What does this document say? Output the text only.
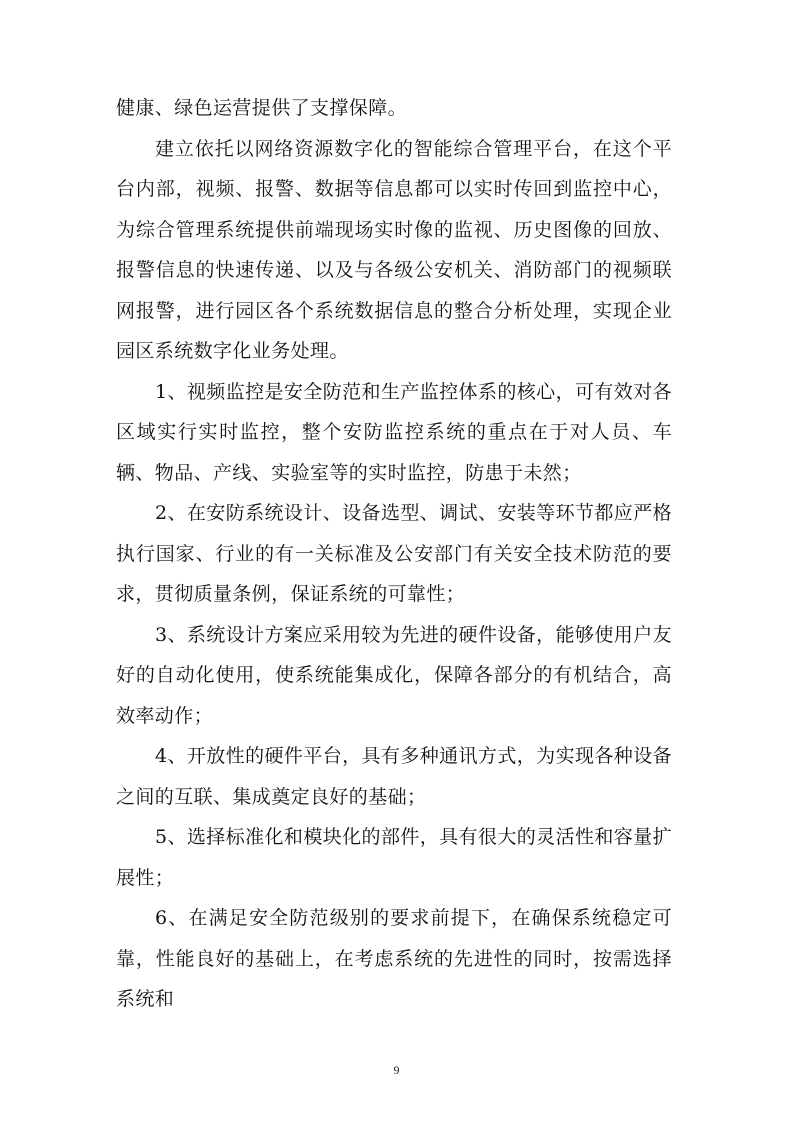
健康、绿色运营提供了支撑保障。

建立依托以网络资源数字化的智能综合管理平台，在这个平台内部，视频、报警、数据等信息都可以实时传回到监控中心，为综合管理系统提供前端现场实时像的监视、历史图像的回放、报警信息的快速传递、以及与各级公安机关、消防部门的视频联网报警，进行园区各个系统数据信息的整合分析处理，实现企业园区系统数字化业务处理。

1、视频监控是安全防范和生产监控体系的核心，可有效对各区域实行实时监控，整个安防监控系统的重点在于对人员、车辆、物品、产线、实验室等的实时监控，防患于未然；

2、在安防系统设计、设备选型、调试、安装等环节都应严格执行国家、行业的有一关标准及公安部门有关安全技术防范的要求，贯彻质量条例，保证系统的可靠性；

3、系统设计方案应采用较为先进的硬件设备，能够使用户友好的自动化使用，使系统能集成化，保障各部分的有机结合，高效率动作；

4、开放性的硬件平台，具有多种通讯方式，为实现各种设备之间的互联、集成奠定良好的基础；

5、选择标准化和模块化的部件，具有很大的灵活性和容量扩展性；

6、在满足安全防范级别的要求前提下，在确保系统稳定可靠，性能良好的基础上，在考虑系统的先进性的同时，按需选择系统和

9
